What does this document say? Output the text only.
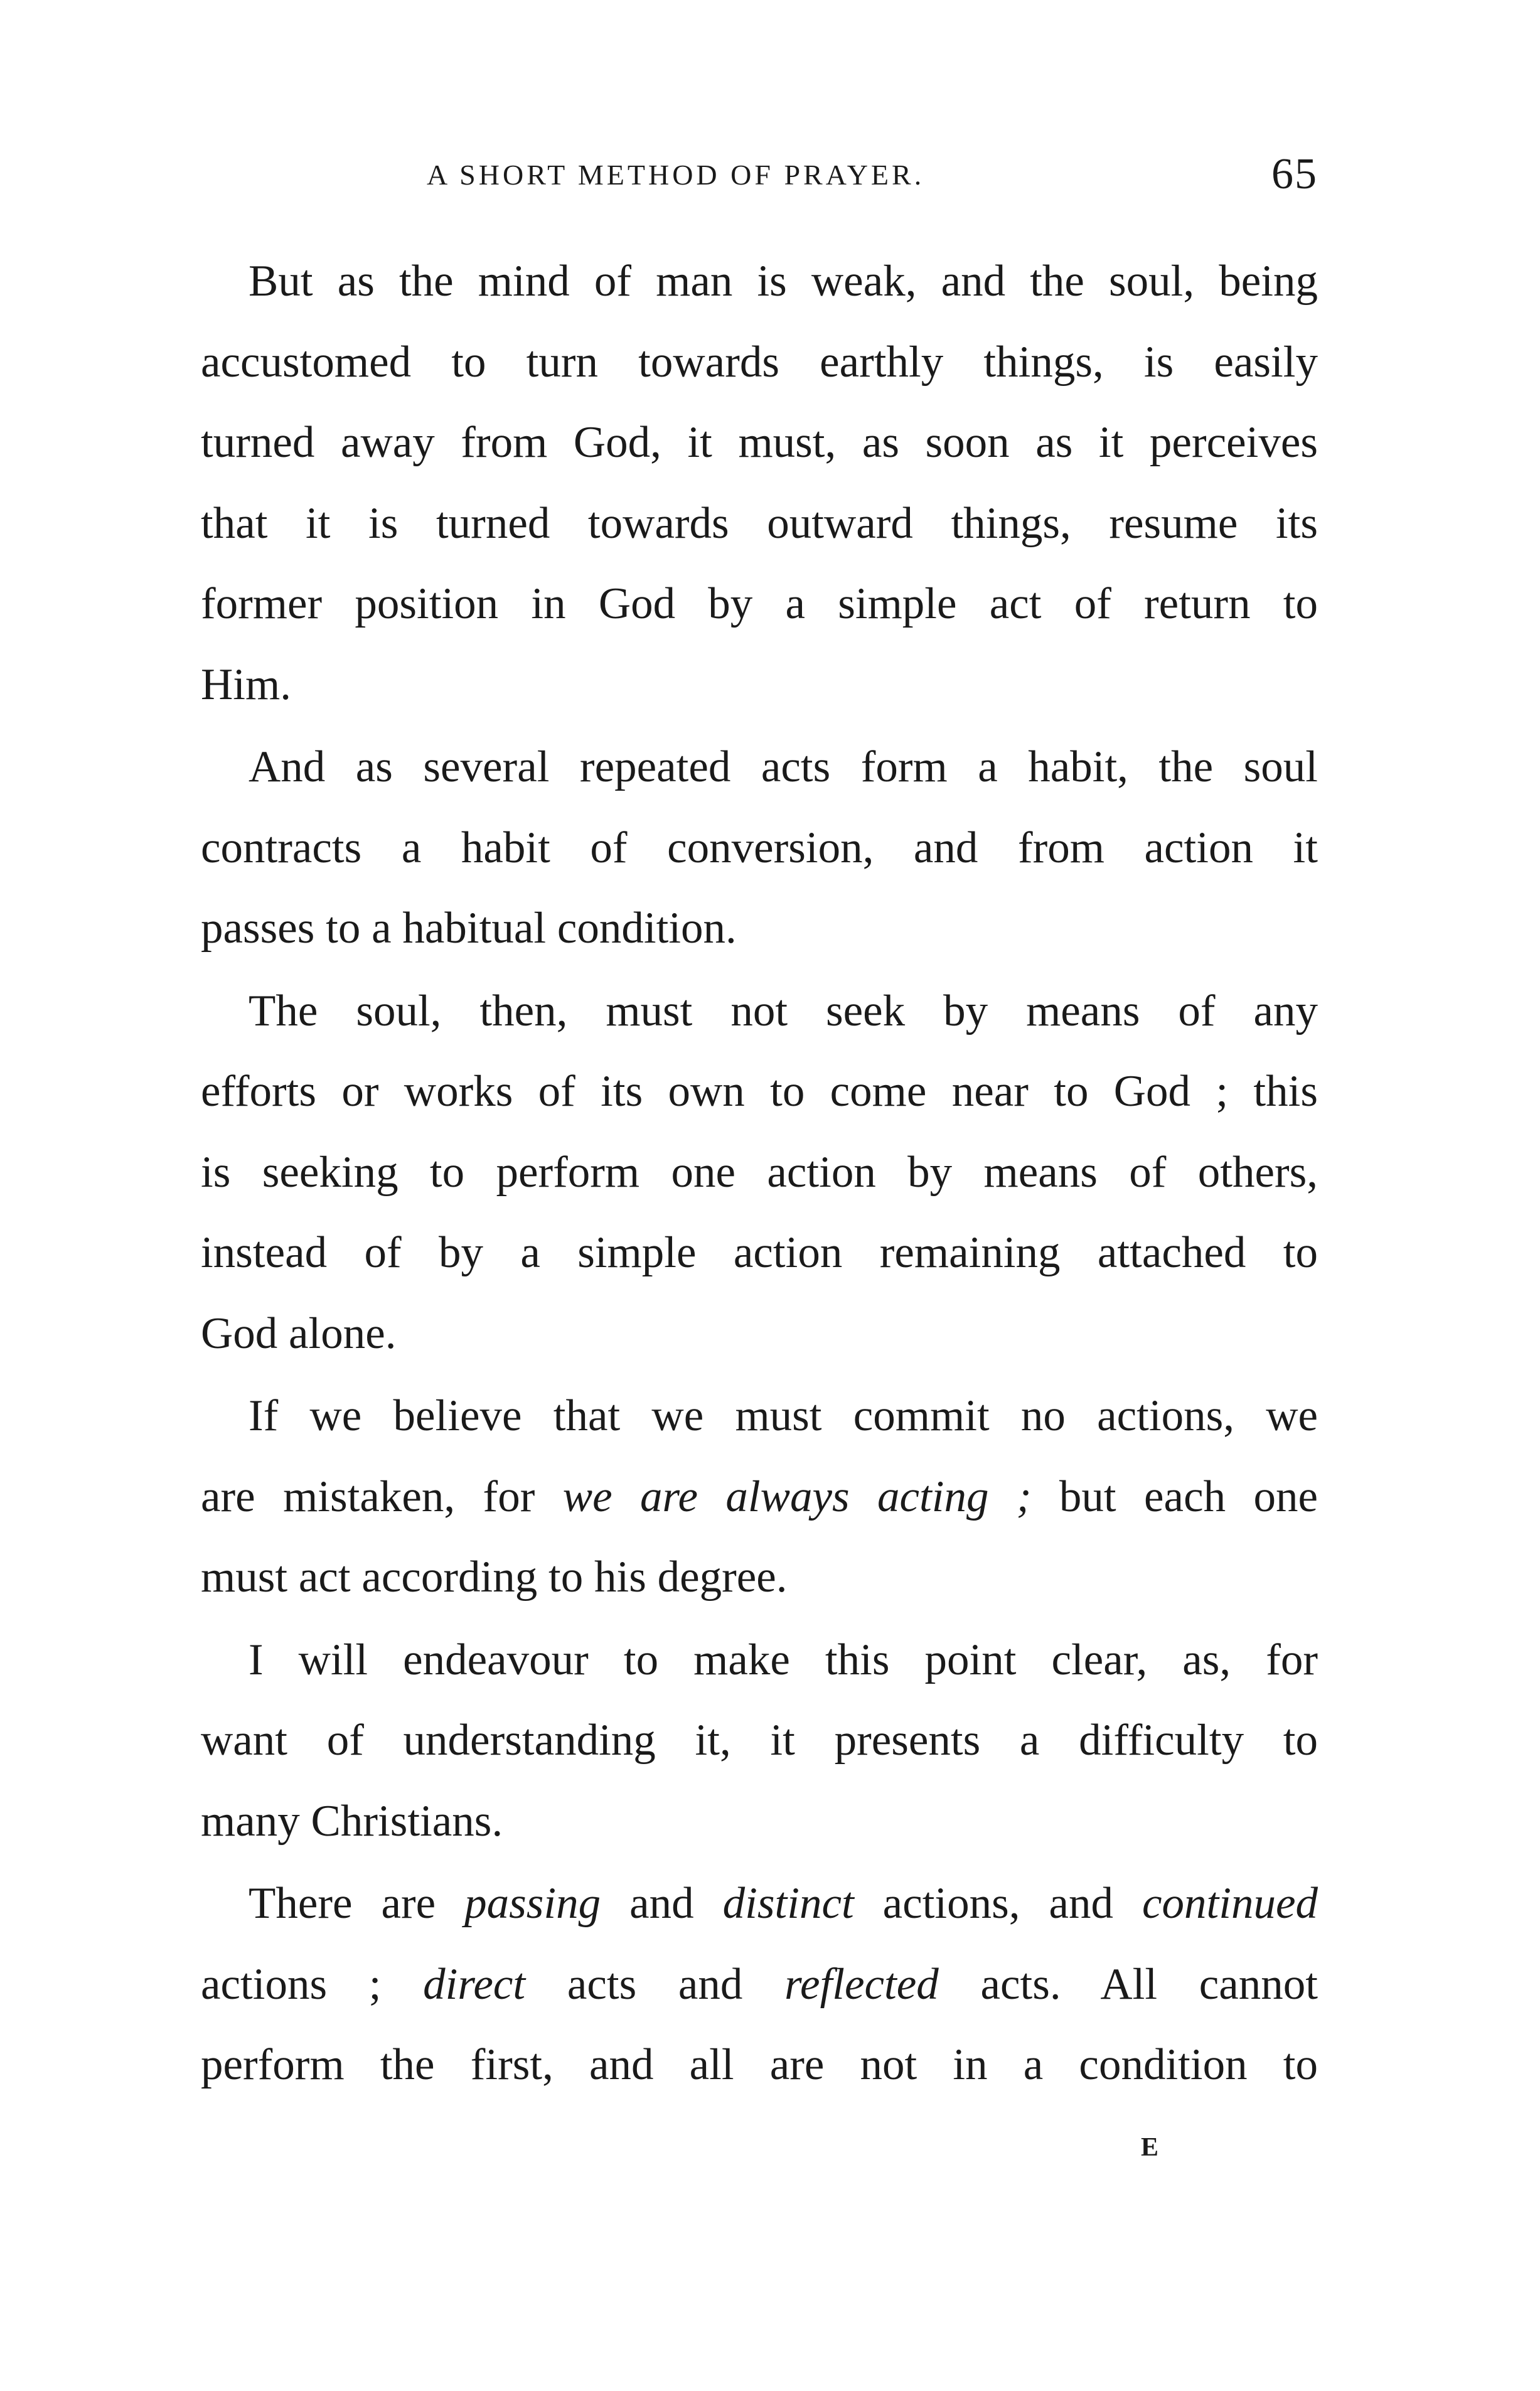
A SHORT METHOD OF PRAYER.	65

But as the mind of man is weak, and the soul, being
accustomed to turn towards earthly things, is easily
turned away from God, it must, as soon as it perceives
that it is turned towards outward things, resume its
former position in God by a simple act of return to
Him.

And as several repeated acts form a habit, the soul
contracts a habit of conversion, and from action it
passes to a habitual condition.

The soul, then, must not seek by means of any
efforts or works of its own to come near to God ; this
is seeking to perform one action by means of others,
instead of by a simple action remaining attached to
God alone.

If we believe that we must commit no actions, we
are mistaken, for we are always acting ; but each one
must act according to his degree.

I will endeavour to make this point clear, as, for
want of understanding it, it presents a difficulty to
many Christians.

There are passing and distinct actions, and continued
actions ; direct acts and reflected acts. All cannot
perform the first, and all are not in a condition to

E
